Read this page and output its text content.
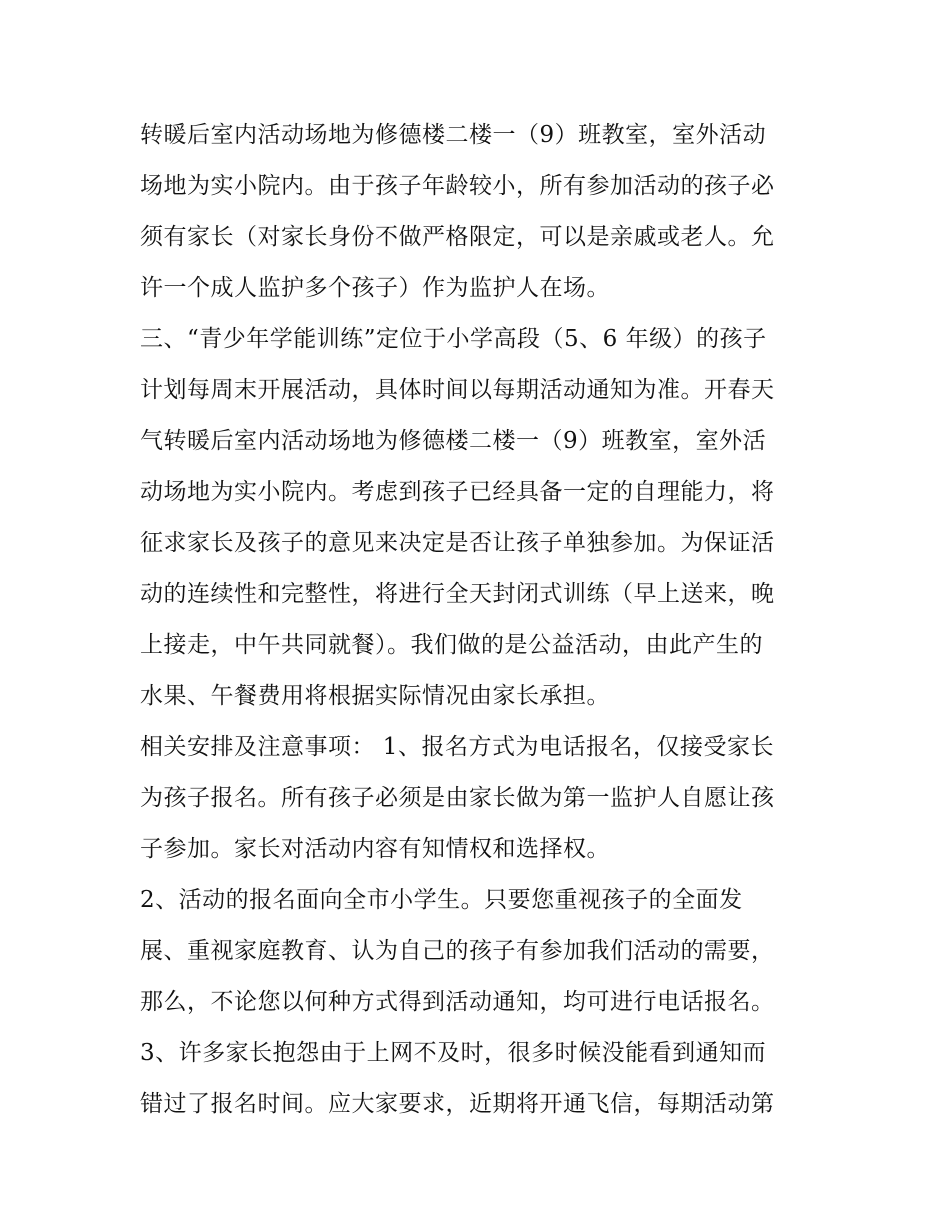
转暖后室内活动场地为修德楼二楼一（9）班教室，室外活动
场地为实小院内。由于孩子年龄较小，所有参加活动的孩子必
须有家长（对家长身份不做严格限定，可以是亲戚或老人。允
许一个成人监护多个孩子）作为监护人在场。
三、“青少年学能训练”定位于小学高段（5、6 年级）的孩子
计划每周末开展活动，具体时间以每期活动通知为准。开春天
气转暖后室内活动场地为修德楼二楼一（9）班教室，室外活
动场地为实小院内。考虑到孩子已经具备一定的自理能力，将
征求家长及孩子的意见来决定是否让孩子单独参加。为保证活
动的连续性和完整性，将进行全天封闭式训练（早上送来，晚
上接走，中午共同就餐）。我们做的是公益活动，由此产生的
水果、午餐费用将根据实际情况由家长承担。
相关安排及注意事项： 1、报名方式为电话报名，仅接受家长
为孩子报名。所有孩子必须是由家长做为第一监护人自愿让孩
子参加。家长对活动内容有知情权和选择权。
2、活动的报名面向全市小学生。只要您重视孩子的全面发
展、重视家庭教育、认为自己的孩子有参加我们活动的需要，
那么，不论您以何种方式得到活动通知，均可进行电话报名。
3、许多家长抱怨由于上网不及时，很多时候没能看到通知而
错过了报名时间。应大家要求，近期将开通飞信，每期活动第
